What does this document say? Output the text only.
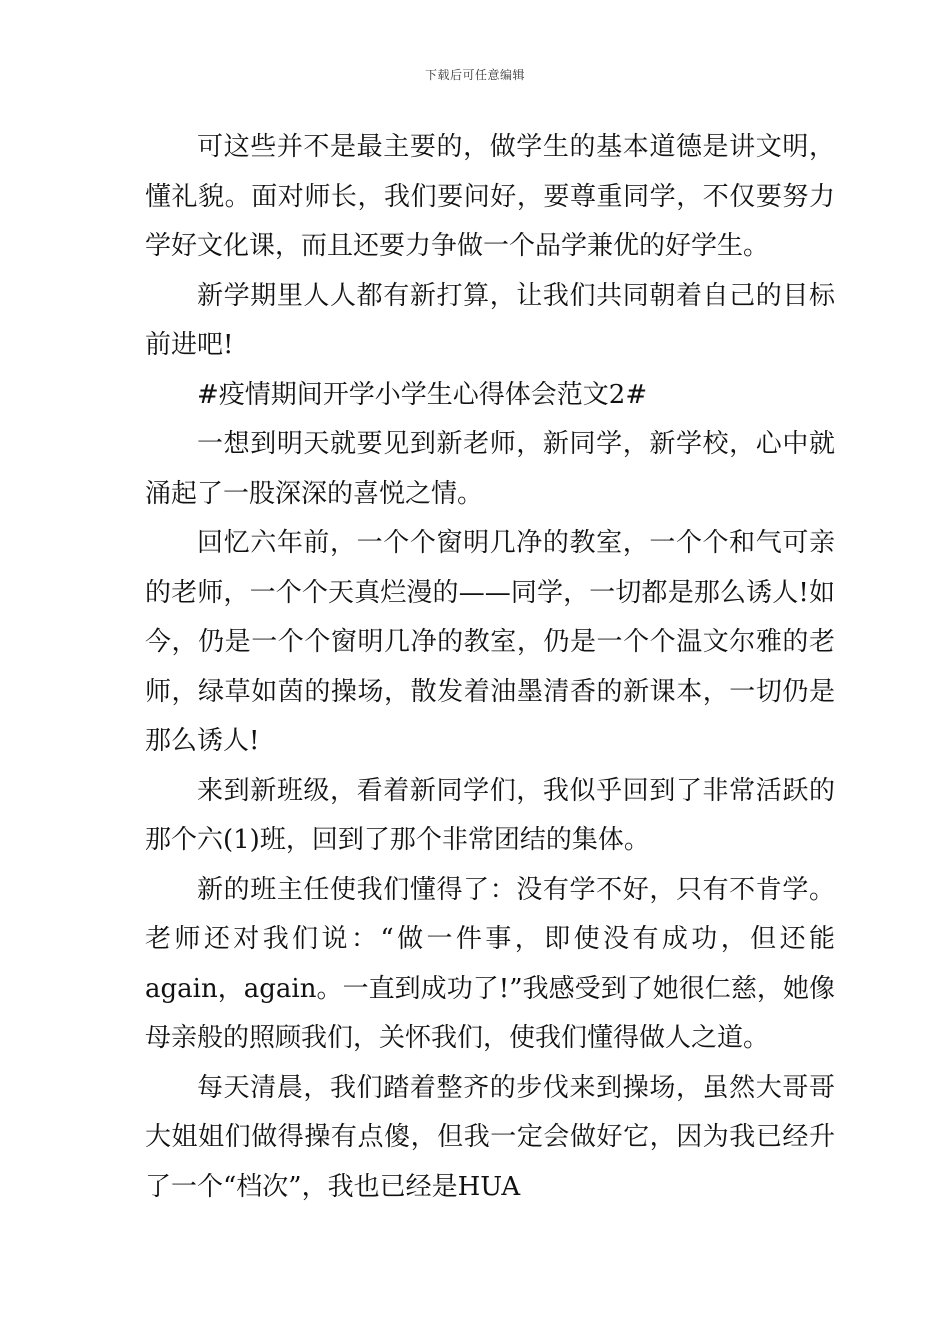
下载后可任意编辑

可这些并不是最主要的，做学生的基本道德是讲文明，懂礼貌。面对师长，我们要问好，要尊重同学，不仅要努力学好文化课，而且还要力争做一个品学兼优的好学生。

新学期里人人都有新打算，让我们共同朝着自己的目标前进吧!

#疫情期间开学小学生心得体会范文2#

一想到明天就要见到新老师，新同学，新学校，心中就涌起了一股深深的喜悦之情。

回忆六年前，一个个窗明几净的教室，一个个和气可亲的老师，一个个天真烂漫的——同学，一切都是那么诱人!如今，仍是一个个窗明几净的教室，仍是一个个温文尔雅的老师，绿草如茵的操场，散发着油墨清香的新课本，一切仍是那么诱人!

来到新班级，看着新同学们，我似乎回到了非常活跃的那个六(1)班，回到了那个非常团结的集体。

新的班主任使我们懂得了：没有学不好，只有不肯学。老师还对我们说：“做一件事，即使没有成功，但还能again，again。一直到成功了!”我感受到了她很仁慈，她像母亲般的照顾我们，关怀我们，使我们懂得做人之道。

每天清晨，我们踏着整齐的步伐来到操场，虽然大哥哥大姐姐们做得操有点傻，但我一定会做好它，因为我已经升了一个“档次”，我也已经是HUA
